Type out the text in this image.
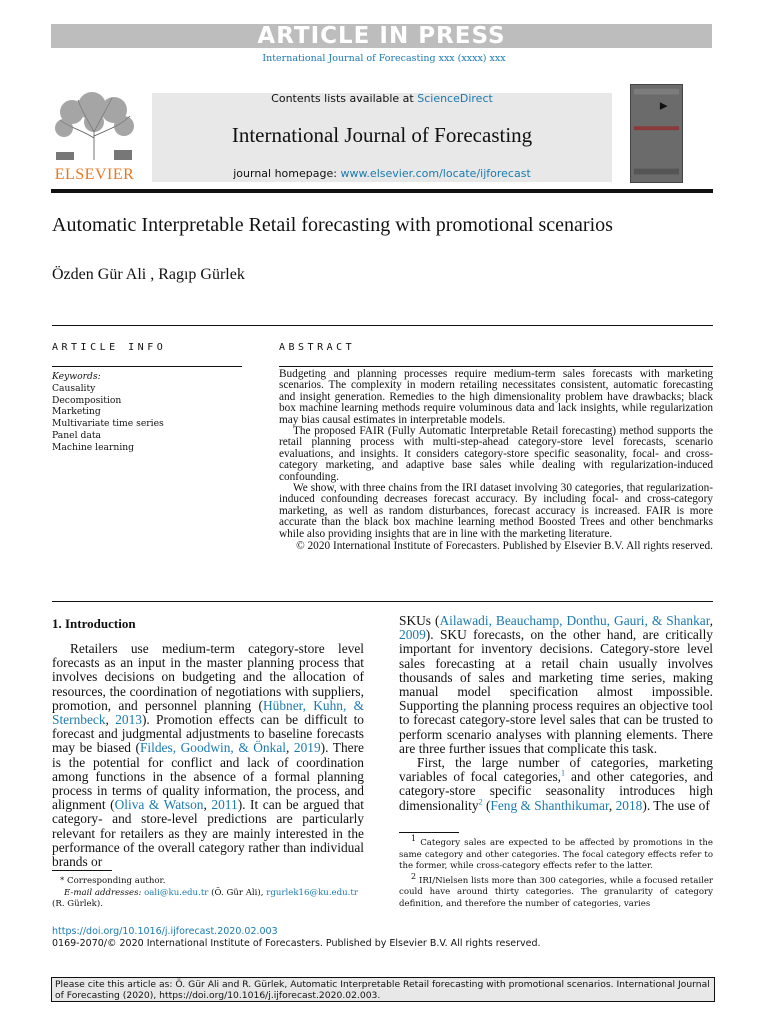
ARTICLE IN PRESS
International Journal of Forecasting xxx (xxxx) xxx
ELSEVIER
Contents lists available at ScienceDirect
International Journal of Forecasting
journal homepage: www.elsevier.com/locate/ijforecast
Automatic Interpretable Retail forecasting with promotional scenarios
Özden Gür Ali , Ragıp Gürlek
ARTICLE INFO	ABSTRACT
Keywords:
Causality
Decomposition
Marketing
Multivariate time series
Panel data
Machine learning

Budgeting and planning processes require medium-term sales forecasts with marketing scenarios. The complexity in modern retailing necessitates consistent, automatic forecasting and insight generation. Remedies to the high dimensionality problem have drawbacks; black box machine learning methods require voluminous data and lack insights, while regularization may bias causal estimates in interpretable models.

The proposed FAIR (Fully Automatic Interpretable Retail forecasting) method supports the retail planning process with multi-step-ahead category-store level forecasts, scenario evaluations, and insights. It considers category-store specific seasonality, focal- and cross-category marketing, and adaptive base sales while dealing with regularization-induced confounding.

We show, with three chains from the IRI dataset involving 30 categories, that regularization-induced confounding decreases forecast accuracy. By including focal- and cross-category marketing, as well as random disturbances, forecast accuracy is increased. FAIR is more accurate than the black box machine learning method Boosted Trees and other benchmarks while also providing insights that are in line with the marketing literature.

© 2020 International Institute of Forecasters. Published by Elsevier B.V. All rights reserved.
1. Introduction

Retailers use medium-term category-store level forecasts as an input in the master planning process that involves decisions on budgeting and the allocation of resources, the coordination of negotiations with suppliers, promotion, and personnel planning (Hübner, Kuhn, & Sternbeck, 2013). Promotion effects can be difficult to forecast and judgmental adjustments to baseline forecasts may be biased (Fildes, Goodwin, & Önkal, 2019). There is the potential for conflict and lack of coordination among functions in the absence of a formal planning process in terms of quality information, the process, and alignment (Oliva & Watson, 2011). It can be argued that category- and store-level predictions are particularly relevant for retailers as they are mainly interested in the performance of the overall category rather than individual brands or

SKUs (Ailawadi, Beauchamp, Donthu, Gauri, & Shankar, 2009). SKU forecasts, on the other hand, are critically important for inventory decisions. Category-store level sales forecasting at a retail chain usually involves thousands of sales and marketing time series, making manual model specification almost impossible. Supporting the planning process requires an objective tool to forecast category-store level sales that can be trusted to perform scenario analyses with planning elements. There are three further issues that complicate this task.

First, the large number of categories, marketing variables of focal categories,$^1$ and other categories, and category-store specific seasonality introduces high dimensionality$^2$ (Feng & Shanthikumar, 2018). The use of

* Corresponding author.
E-mail addresses: oali@ku.edu.tr (Ö. Gür Ali), rgurlek16@ku.edu.tr
(R. Gürlek).
$^1$ Category sales are expected to be affected by promotions in the same category and other categories. The focal category effects refer to the former, while cross-category effects refer to the latter.
$^2$ IRI/Nielsen lists more than 300 categories, while a focused retailer could have around thirty categories. The granularity of category definition, and therefore the number of categories, varies
https://doi.org/10.1016/j.ijforecast.2020.02.003
0169-2070/© 2020 International Institute of Forecasters. Published by Elsevier B.V. All rights reserved.
Please cite this article as: Ö. Gür Ali and R. Gürlek, Automatic Interpretable Retail forecasting with promotional scenarios. International Journal of Forecasting (2020), https://doi.org/10.1016/j.ijforecast.2020.02.003.
